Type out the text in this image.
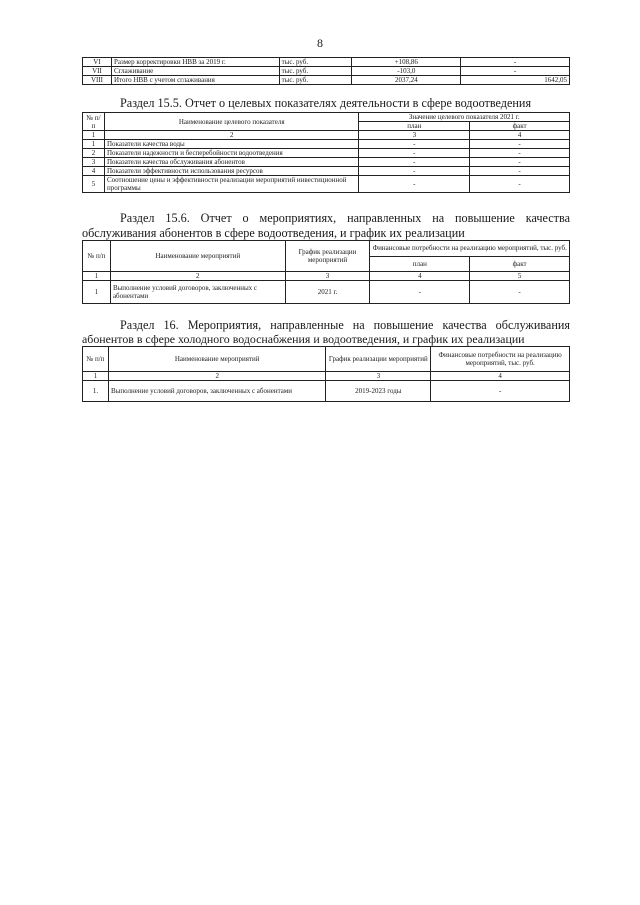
8
VI	Размер корректировки НВВ за 2019 г.	тыс. руб.	+108,86	-
VII	Сглаживание	тыс. руб.	-103,0	-
VIII	Итого НВВ с учетом сглаживания	тыс. руб.	2037,24	1642,05

Раздел 15.5. Отчет о целевых показателях деятельности в сфере водоотведения

№ п/п	Наименование целевого показателя	Значение целевого показателя 2021 г.	
		план	факт
1	2	3	4
1	Показатели качества воды	-	-
2	Показатели надежности и бесперебойности водоотведения	-	-
3	Показатели качества обслуживания абонентов	-	-
4	Показатели эффективности использования ресурсов	-	-
5	Соотношение цены и эффективности реализации мероприятий инвестиционной программы	-	-

Раздел 15.6. Отчет о мероприятиях, направленных на повышение качества

обслуживания абонентов в сфере водоотведения, и график их реализации

№ п/п	Наименование мероприятий	График реализации мероприятий	Финансовые потребности на реализацию мероприятий, тыс. руб.	
			план	факт
1	2	3	4	5
1	Выполнение условий договоров, заключенных с абонентами	2021 г.	-	-

Раздел 16. Мероприятия, направленные на повышение качества обслуживания

абонентов в сфере холодного водоснабжения и водоотведения, и график их реализации

№ п/п	Наименование мероприятий	График реализации мероприятий	Финансовые потребности на реализацию мероприятий, тыс. руб.
1	2	3	4
1.	Выполнение условий договоров, заключенных с абонентами	2019-2023 годы	-
